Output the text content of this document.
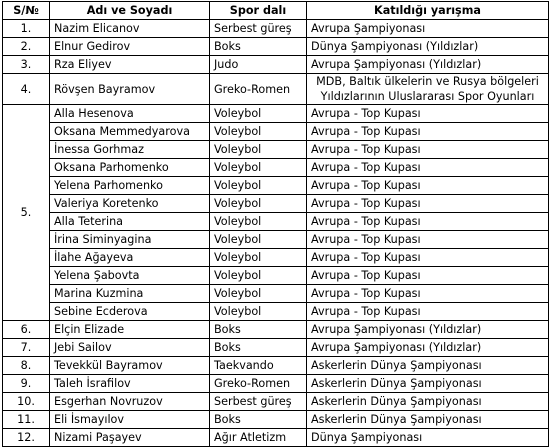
S/№	Adı ve Soyadı	Spor dalı	Katıldığı yarışma
1.	Nazim Elicanov	Serbest güreş	Avrupa Şampiyonası
2.	Elnur Gedirov	Boks	Dünya Şampiyonası (Yıldızlar)
3.	Rza Eliyev	Judo	Avrupa Şampiyonası (Yıldızlar)
4.	Rövşen Bayramov	Greko-Romen	MDB, Baltık ülkelerin ve Rusya bölgeleri Yıldızlarının Uluslararası Spor Oyunları
5.	Alla Hesenova	Voleybol	Avrupa - Top Kupası
	Oksana Memmedyarova	Voleybol	Avrupa - Top Kupası
	İnessa Gorhmaz	Voleybol	Avrupa - Top Kupası
	Oksana Parhomenko	Voleybol	Avrupa - Top Kupası
	Yelena Parhomenko	Voleybol	Avrupa - Top Kupası
	Valeriya Koretenko	Voleybol	Avrupa - Top Kupası
	Alla Teterina	Voleybol	Avrupa - Top Kupası
	İrina Siminyagina	Voleybol	Avrupa - Top Kupası
	İlahe Ağayeva	Voleybol	Avrupa - Top Kupası
	Yelena Şabovta	Voleybol	Avrupa - Top Kupası
	Marina Kuzmina	Voleybol	Avrupa - Top Kupası
	Sebine Ecderova	Voleybol	Avrupa - Top Kupası
6.	Elçin Elizade	Boks	Avrupa Şampiyonası (Yıldızlar)
7.	Jebi Sailov	Boks	Avrupa Şampiyonası (Yıldızlar)
8.	Tevekkül Bayramov	Taekvando	Askerlerin Dünya Şampiyonası
9.	Taleh İsrafilov	Greko-Romen	Askerlerin Dünya Şampiyonası
10.	Esgerhan Novruzov	Serbest güreş	Askerlerin Dünya Şampiyonası
11.	Eli İsmayılov	Boks	Askerlerin Dünya Şampiyonası
12.	Nizami Paşayev	Ağır Atletizm	Dünya Şampiyonası
